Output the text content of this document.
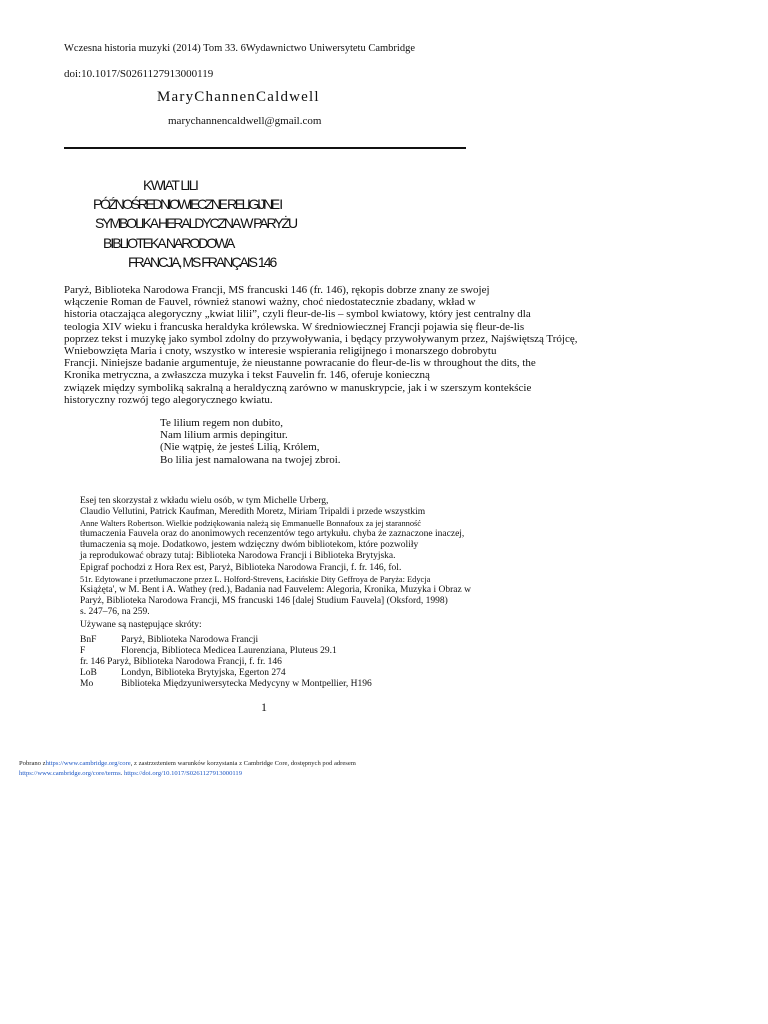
Wczesna historia muzyki (2014) Tom 33. 6Wydawnictwo Uniwersytetu Cambridge
doi:10.1017/S0261127913000119
MaryChannenCaldwell
marychannencaldwell@gmail.com
KWIAT LILI
PÓŹNOŚREDNIOWIECZNE RELIGIJNE I
SYMBOLIKA HERALDYCZNA W PARYŻU
BIBLIOTEKA NARODOWA
FRANCJA, MS FRANÇAIS 146
Paryż, Biblioteka Narodowa Francji, MS francuski 146 (fr. 146), rękopis dobrze znany ze swojej
włączenie Roman de Fauvel, również stanowi ważny, choć niedostatecznie zbadany, wkład w
historia otaczająca alegoryczny „kwiat lilii”, czyli fleur-de-lis – symbol kwiatowy, który jest centralny dla
teologia XIV wieku i francuska heraldyka królewska. W średniowiecznej Francji pojawia się fleur-de-lis
poprzez tekst i muzykę jako symbol zdolny do przywoływania, i będący przywoływanym przez, Najświętszą Trójcę,
Wniebowzięta Maria i cnoty, wszystko w interesie wspierania religijnego i monarszego dobrobytu
Francji. Niniejsze badanie argumentuje, że nieustanne powracanie do fleur-de-lis w throughout the dits, the
Kronika metryczna, a zwłaszcza muzyka i tekst Fauvelin fr. 146, oferuje konieczną
związek między symboliką sakralną a heraldyczną zarówno w manuskrypcie, jak i w szerszym kontekście
historyczny rozwój tego alegorycznego kwiatu.
Te lilium regem non dubito,
Nam lilium armis depingitur.
(Nie wątpię, że jesteś Lilią, Królem,
Bo lilia jest namalowana na twojej zbroi.
Esej ten skorzystał z wkładu wielu osób, w tym Michelle Urberg,
Claudio Vellutini, Patrick Kaufman, Meredith Moretz, Miriam Tripaldi i przede wszystkim
Anne Walters Robertson. Wielkie podziękowania należą się Emmanuelle Bonnafoux za jej staranność
tłumaczenia Fauvela oraz do anonimowych recenzentów tego artykułu. chyba że zaznaczone inaczej,
tłumaczenia są moje. Dodatkowo, jestem wdzięczny dwóm bibliotekom, które pozwoliły
ja reprodukować obrazy tutaj: Biblioteka Narodowa Francji i Biblioteka Brytyjska.
Epigraf pochodzi z Hora Rex est, Paryż, Biblioteka Narodowa Francji, f. fr. 146, fol.
51r. Edytowane i przetłumaczone przez L. Holford-Strevens, Łacińskie Dity Geffroya de Paryża: Edycja
Książęta', w M. Bent i A. Wathey (red.), Badania nad Fauvelem: Alegoria, Kronika, Muzyka i Obraz w
Paryż, Biblioteka Narodowa Francji, MS francuski 146 [dalej Studium Fauvela] (Oksford, 1998)
s. 247–76, na 259.
Używane są następujące skróty:
BnF	Paryż, Biblioteka Narodowa Francji
F	Florencja, Biblioteca Medicea Laurenziana, Pluteus 29.1
fr. 146 Paryż, Biblioteka Narodowa Francji, f. fr. 146
LoB	Londyn, Biblioteka Brytyjska, Egerton 274
Mo	Biblioteka Międzyuniwersytecka Medycyny w Montpellier, H196
1
Pobrano zhttps://www.cambridge.org/core, z zastrzeżeniem warunków korzystania z Cambridge Core, dostępnych pod adresem
https://www.cambridge.org/core/terms. https://doi.org/10.1017/S0261127913000119
